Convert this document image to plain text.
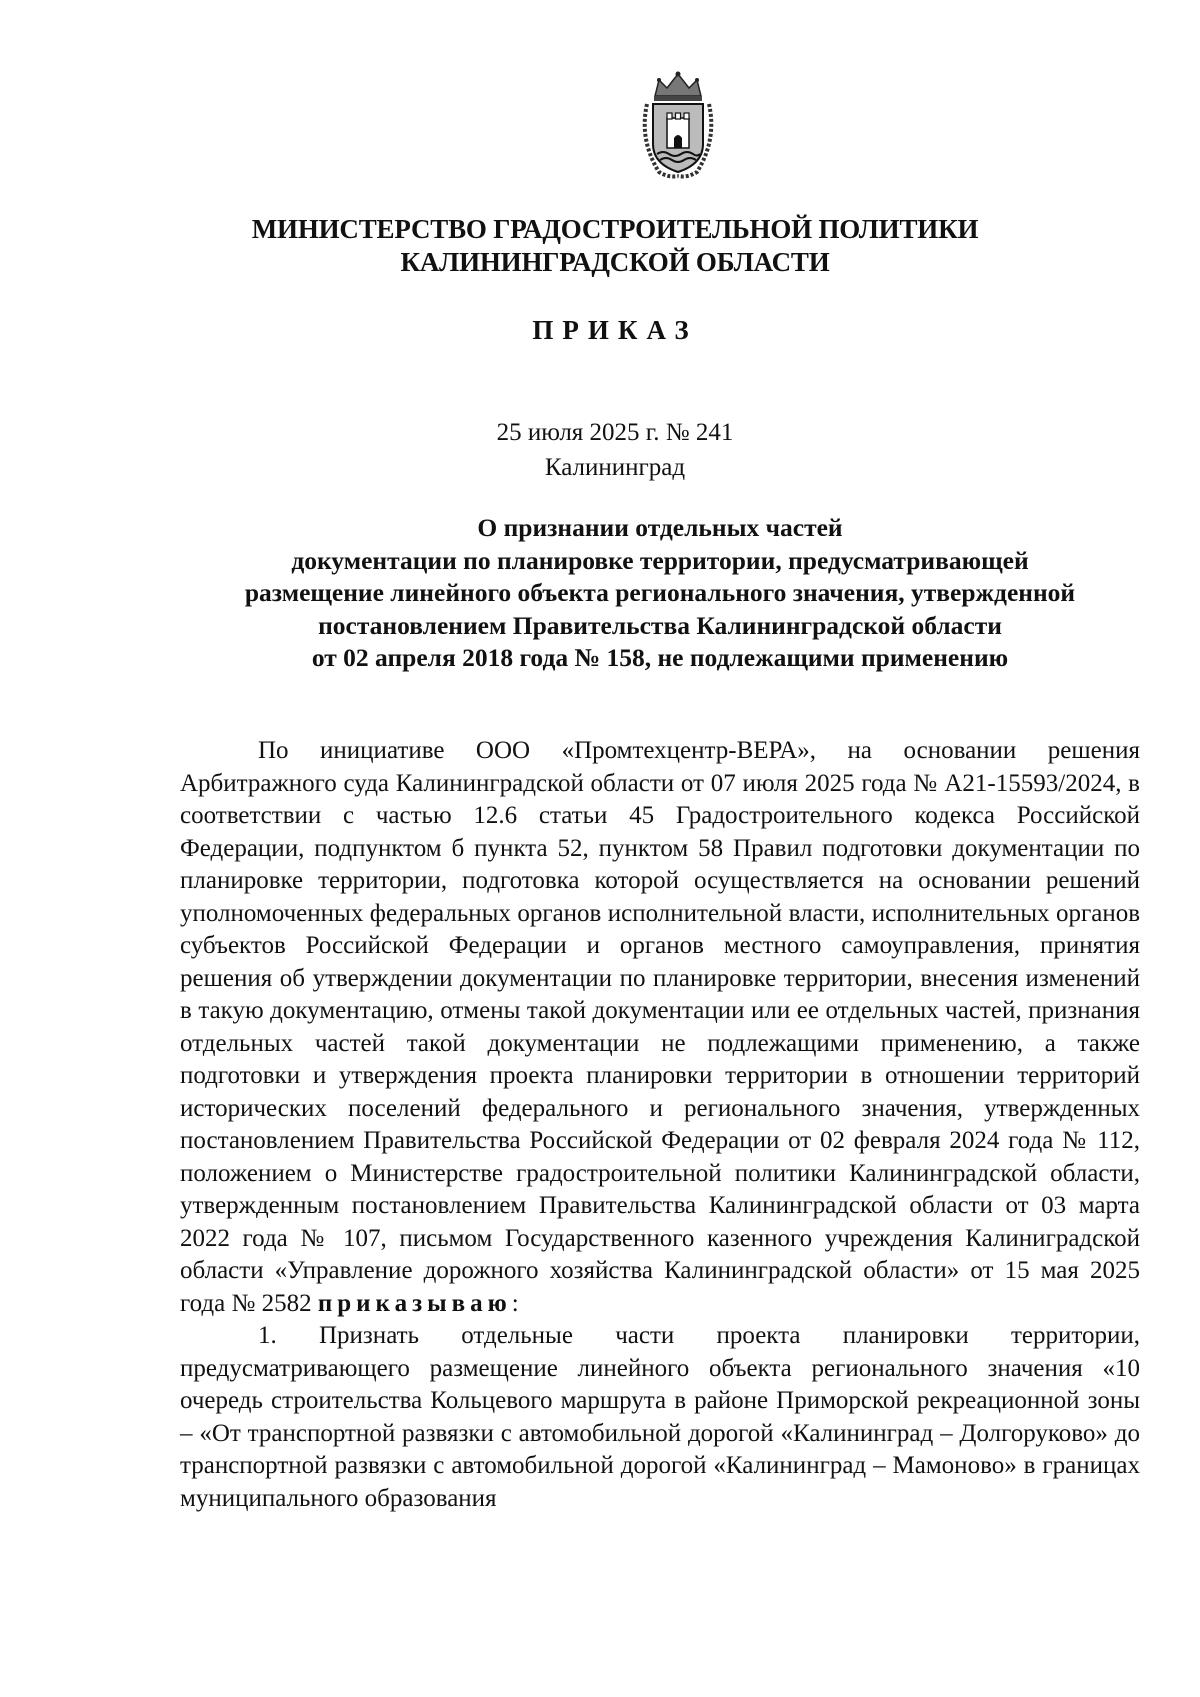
МИНИСТЕРСТВО ГРАДОСТРОИТЕЛЬНОЙ ПОЛИТИКИ
КАЛИНИНГРАДСКОЙ ОБЛАСТИ
ПРИКАЗ
25 июля 2025 г. № 241
Калининград
О признании отдельных частей
документации по планировке территории, предусматривающей
размещение линейного объекта регионального значения, утвержденной
постановлением Правительства Калининградской области
от 02 апреля 2018 года № 158, не подлежащими применению

По инициативе ООО «Промтехцентр-ВЕРА», на основании решения Арбитражного суда Калининградской области от 07 июля 2025 года № А21-15593/2024, в соответствии с частью 12.6 статьи 45 Градостроительного кодекса Российской Федерации, подпунктом б пункта 52, пунктом 58 Правил подготовки документации по планировке территории, подготовка которой осуществляется на основании решений уполномоченных федеральных органов исполнительной власти, исполнительных органов субъектов Российской Федерации и органов местного самоуправления, принятия решения об утверждении документации по планировке территории, внесения изменений в такую документацию, отмены такой документации или ее отдельных частей, признания отдельных частей такой документации не подлежащими применению, а также подготовки и утверждения проекта планировки территории в отношении территорий исторических поселений федерального и регионального значения, утвержденных постановлением Правительства Российской Федерации от 02 февраля 2024 года № 112, положением о Министерстве градостроительной политики Калининградской области, утвержденным постановлением Правительства Калининградской области от 03 марта 2022 года № 107, письмом Государственного казенного учреждения Калиниградской области «Управление дорожного хозяйства Калининградской области» от 15 мая 2025 года № 2582 приказываю:

1. Признать отдельные части проекта планировки территории, предусматривающего размещение линейного объекта регионального значения «10 очередь строительства Кольцевого маршрута в районе Приморской рекреационной зоны – «От транспортной развязки с автомобильной дорогой «Калининград – Долгоруково» до транспортной развязки с автомобильной дорогой «Калининград – Мамоново» в границах муниципального образования
